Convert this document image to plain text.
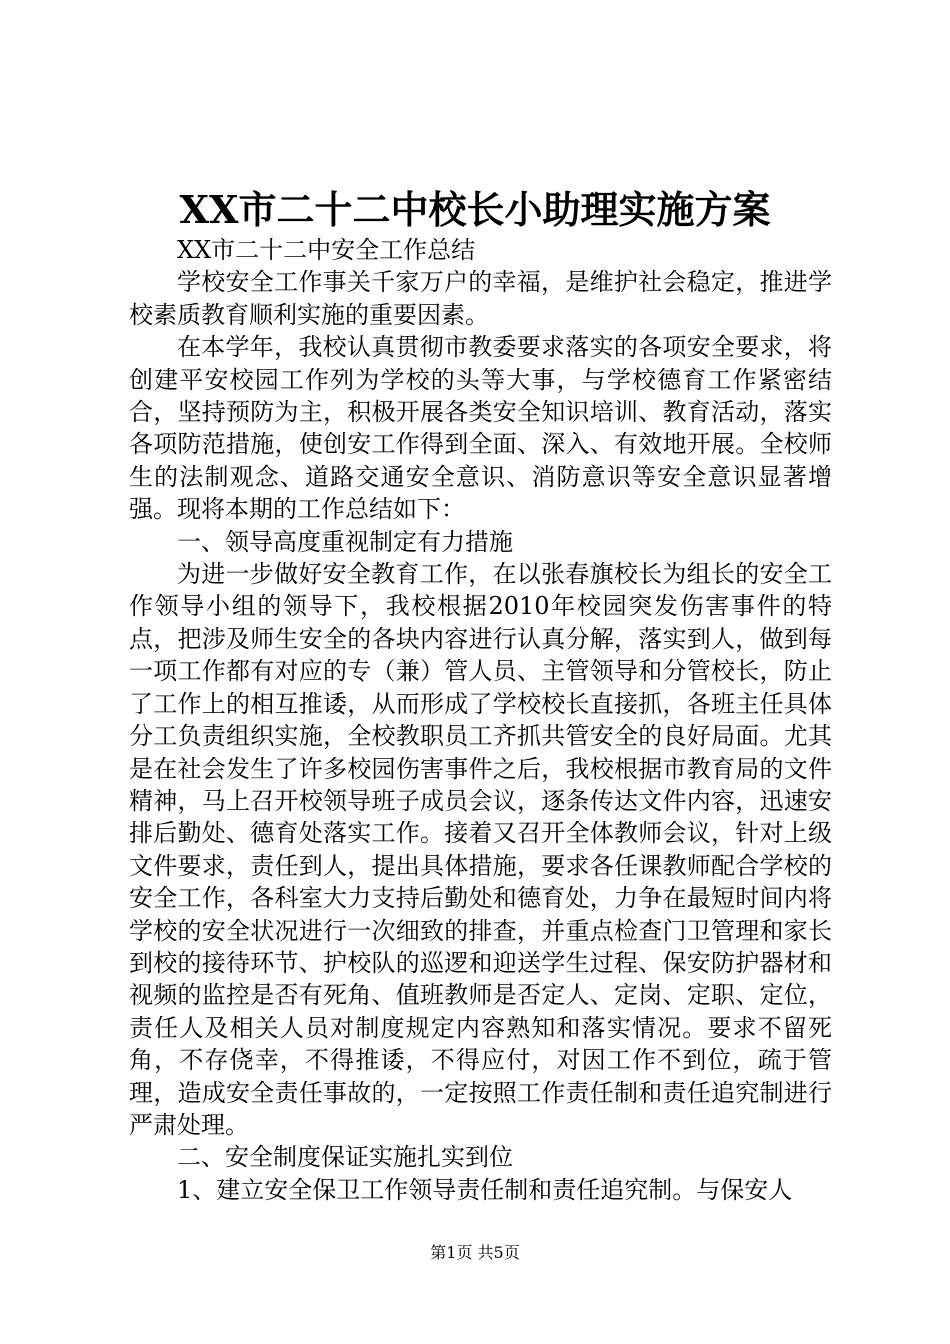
XX市二十二中校长小助理实施方案

XX市二十二中安全工作总结

学校安全工作事关千家万户的幸福，是维护社会稳定，推进学校素质教育顺利实施的重要因素。

在本学年，我校认真贯彻市教委要求落实的各项安全要求，将创建平安校园工作列为学校的头等大事，与学校德育工作紧密结合，坚持预防为主，积极开展各类安全知识培训、教育活动，落实各项防范措施，使创安工作得到全面、深入、有效地开展。全校师生的法制观念、道路交通安全意识、消防意识等安全意识显著增强。现将本期的工作总结如下：

一、领导高度重视制定有力措施

为进一步做好安全教育工作，在以张春旗校长为组长的安全工作领导小组的领导下，我校根据2010年校园突发伤害事件的特点，把涉及师生安全的各块内容进行认真分解，落实到人，做到每一项工作都有对应的专（兼）管人员、主管领导和分管校长，防止了工作上的相互推诿，从而形成了学校校长直接抓，各班主任具体分工负责组织实施，全校教职员工齐抓共管安全的良好局面。尤其是在社会发生了许多校园伤害事件之后，我校根据市教育局的文件精神，马上召开校领导班子成员会议，逐条传达文件内容，迅速安排后勤处、德育处落实工作。接着又召开全体教师会议，针对上级文件要求，责任到人，提出具体措施，要求各任课教师配合学校的安全工作，各科室大力支持后勤处和德育处，力争在最短时间内将学校的安全状况进行一次细致的排查，并重点检查门卫管理和家长到校的接待环节、护校队的巡逻和迎送学生过程、保安防护器材和视频的监控是否有死角、值班教师是否定人、定岗、定职、定位，责任人及相关人员对制度规定内容熟知和落实情况。要求不留死角，不存侥幸，不得推诿，不得应付，对因工作不到位，疏于管理，造成安全责任事故的，一定按照工作责任制和责任追究制进行严肃处理。

二、安全制度保证实施扎实到位

1、建立安全保卫工作领导责任制和责任追究制。与保安人

第1页 共5页
